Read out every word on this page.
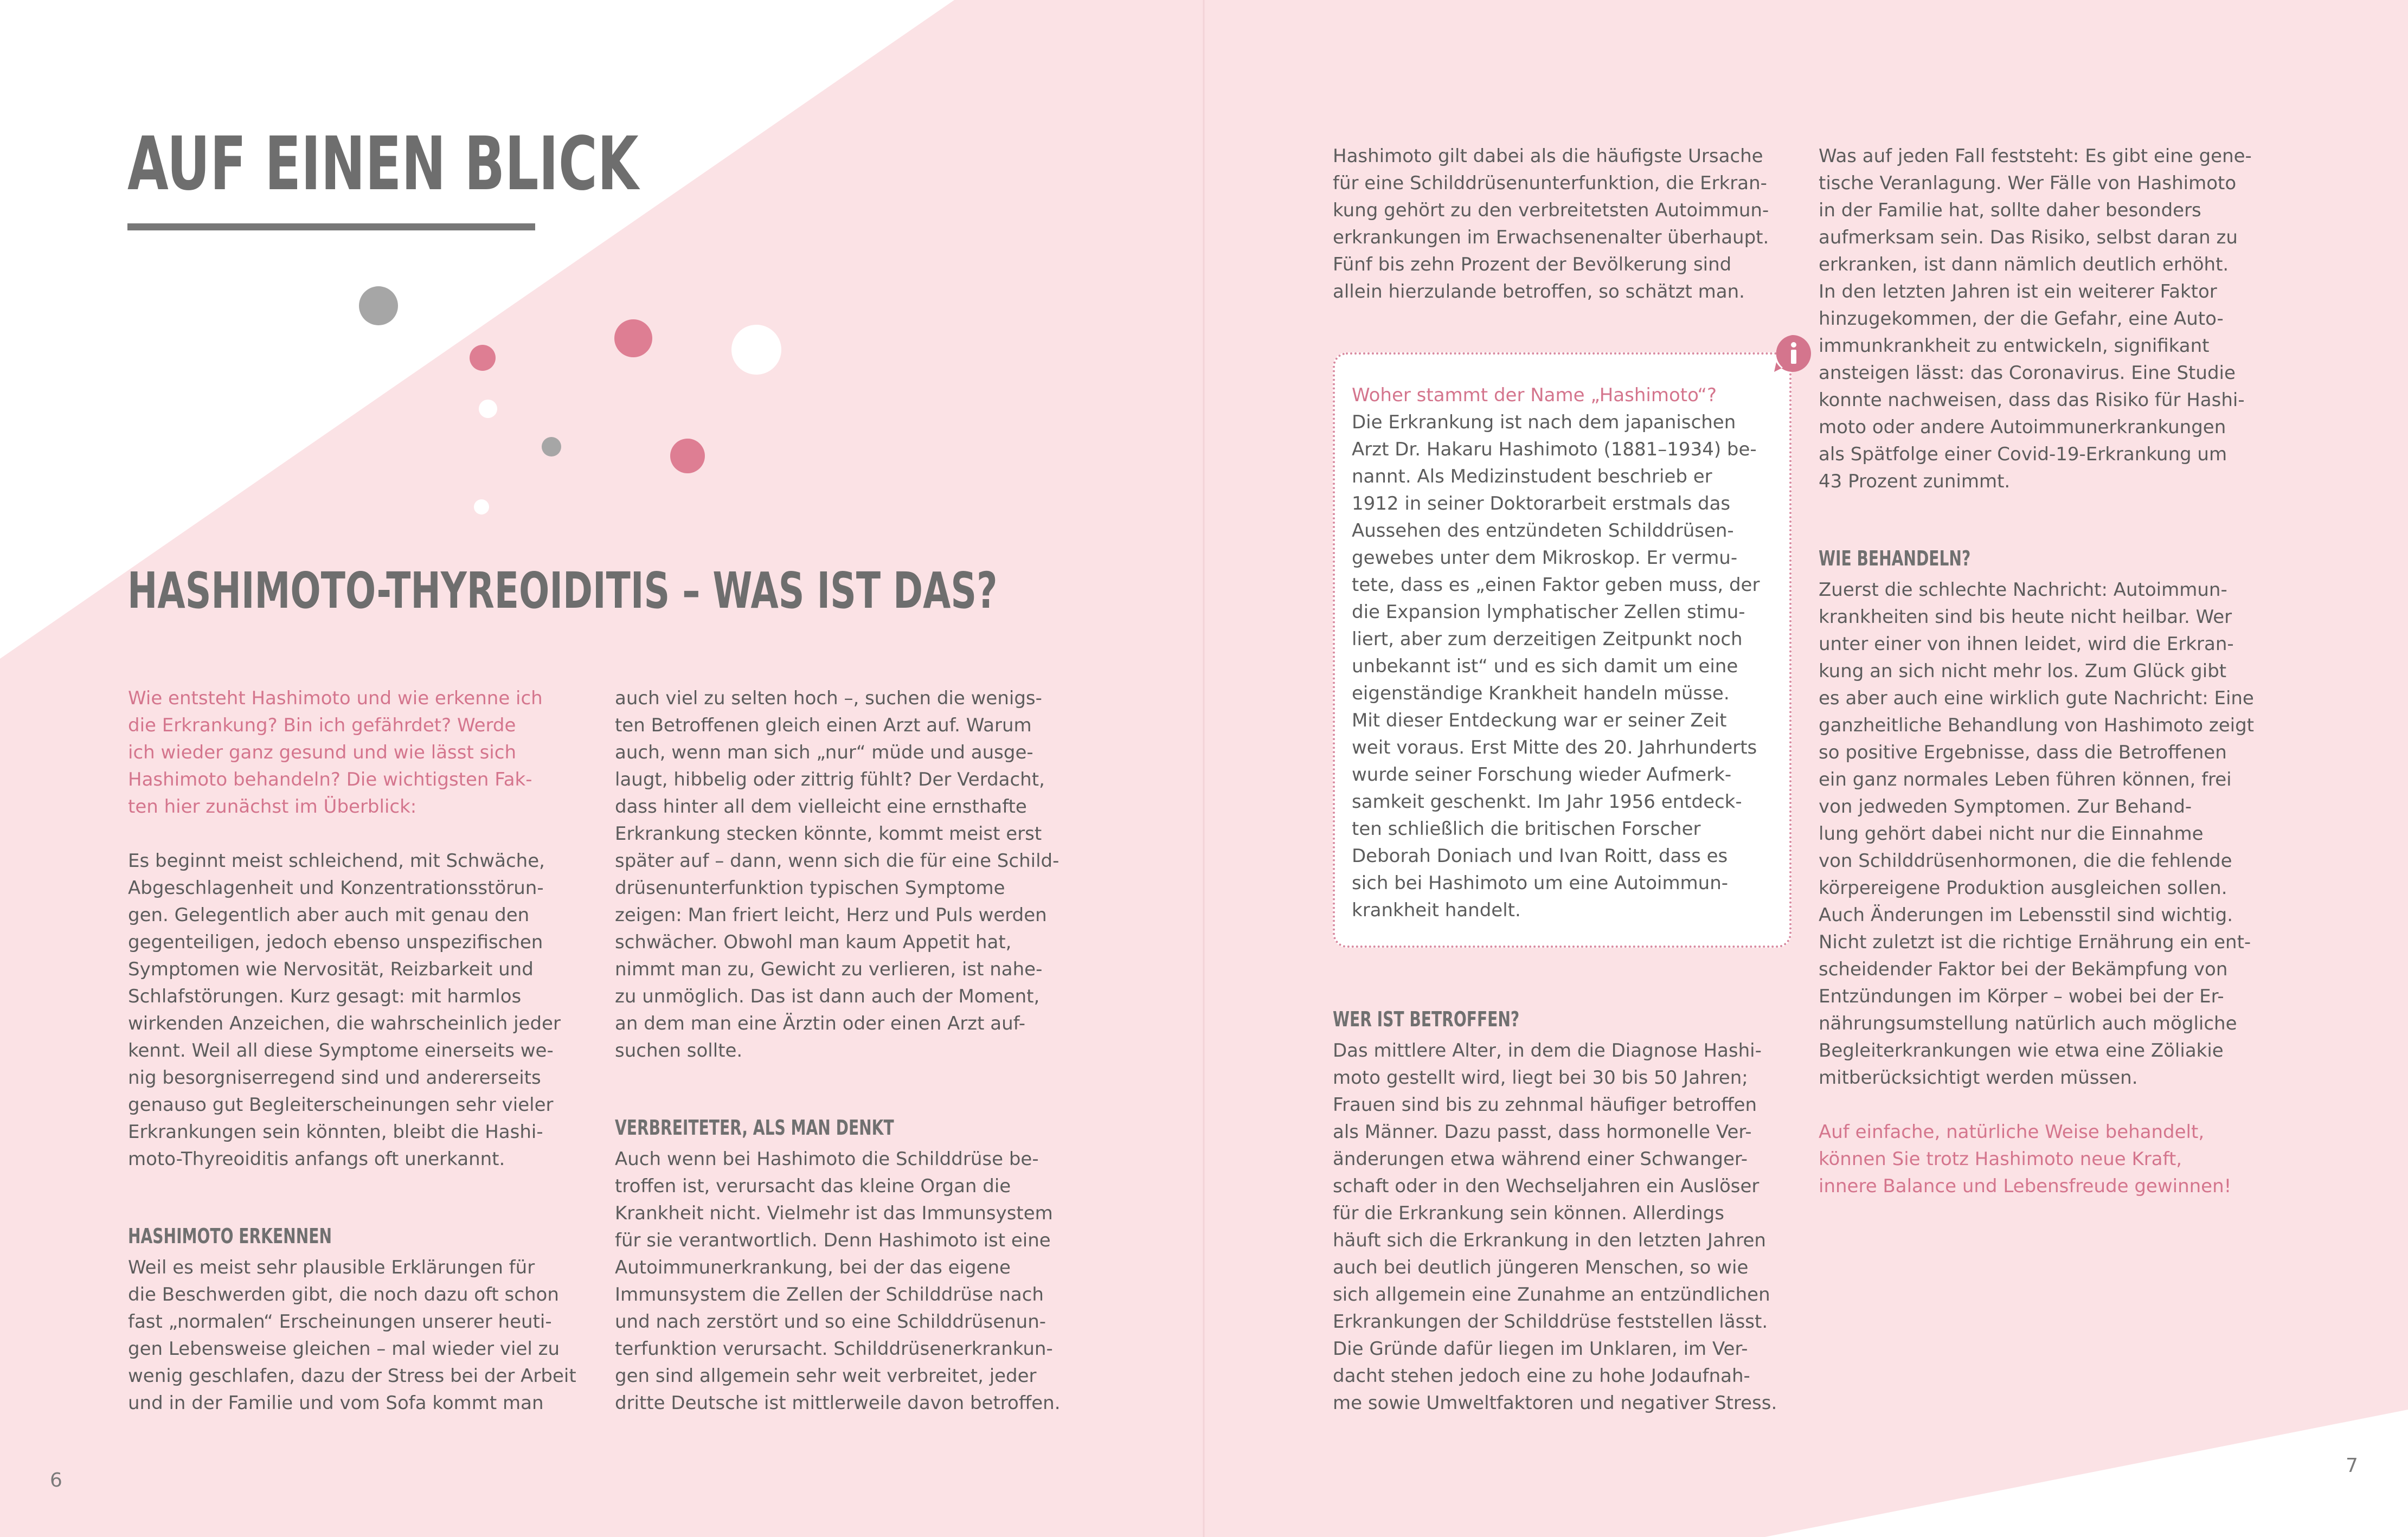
AUF EINEN BLICK
HASHIMOTO-THYREOIDITIS – WAS IST DAS?
Wie entsteht Hashimoto und wie erkenne ich
die Erkrankung? Bin ich gefährdet? Werde
ich wieder ganz gesund und wie lässt sich
Hashimoto behandeln? Die wichtigsten Fak-
ten hier zunächst im Überblick:
Es beginnt meist schleichend, mit Schwäche,
Abgeschlagenheit und Konzentrationsstörun-
gen. Gelegentlich aber auch mit genau den
gegenteiligen, jedoch ebenso unspezifischen
Symptomen wie Nervosität, Reizbarkeit und
Schlafstörungen. Kurz gesagt: mit harmlos
wirkenden Anzeichen, die wahrscheinlich jeder
kennt. Weil all diese Symptome einerseits we-
nig besorgniserregend sind und andererseits
genauso gut Begleiterscheinungen sehr vieler
Erkrankungen sein könnten, bleibt die Hashi-
moto-Thyreoiditis anfangs oft unerkannt.
HASHIMOTO ERKENNEN
Weil es meist sehr plausible Erklärungen für
die Beschwerden gibt, die noch dazu oft schon
fast „normalen“ Erscheinungen unserer heuti-
gen Lebensweise gleichen – mal wieder viel zu
wenig geschlafen, dazu der Stress bei der Arbeit
und in der Familie und vom Sofa kommt man
auch viel zu selten hoch –, suchen die wenigs-
ten Betroffenen gleich einen Arzt auf. Warum
auch, wenn man sich „nur“ müde und ausge-
laugt, hibbelig oder zittrig fühlt? Der Verdacht,
dass hinter all dem vielleicht eine ernsthafte
Erkrankung stecken könnte, kommt meist erst
später auf – dann, wenn sich die für eine Schild-
drüsenunterfunktion typischen Symptome
zeigen: Man friert leicht, Herz und Puls werden
schwächer. Obwohl man kaum Appetit hat,
nimmt man zu, Gewicht zu verlieren, ist nahe-
zu unmöglich. Das ist dann auch der Moment,
an dem man eine Ärztin oder einen Arzt auf-
suchen sollte.
VERBREITETER, ALS MAN DENKT
Auch wenn bei Hashimoto die Schilddrüse be-
troffen ist, verursacht das kleine Organ die
Krankheit nicht. Vielmehr ist das Immunsystem
für sie verantwortlich. Denn Hashimoto ist eine
Autoimmunerkrankung, bei der das eigene
Immunsystem die Zellen der Schilddrüse nach
und nach zerstört und so eine Schilddrüsenun-
terfunktion verursacht. Schilddrüsenerkrankun-
gen sind allgemein sehr weit verbreitet, jeder
dritte Deutsche ist mittlerweile davon betroffen.
6
Hashimoto gilt dabei als die häufigste Ursache
für eine Schilddrüsenunterfunktion, die Erkran-
kung gehört zu den verbreitetsten Autoimmun-
erkrankungen im Erwachsenenalter überhaupt.
Fünf bis zehn Prozent der Bevölkerung sind
allein hierzulande betroffen, so schätzt man.
Woher stammt der Name „Hashimoto“?
Die Erkrankung ist nach dem japanischen
Arzt Dr. Hakaru Hashimoto (1881–1934) be-
nannt. Als Medizinstudent beschrieb er
1912 in seiner Doktorarbeit erstmals das
Aussehen des entzündeten Schilddrüsen-
gewebes unter dem Mikroskop. Er vermu-
tete, dass es „einen Faktor geben muss, der
die Expansion lymphatischer Zellen stimu-
liert, aber zum derzeitigen Zeitpunkt noch
unbekannt ist“ und es sich damit um eine
eigenständige Krankheit handeln müsse.
Mit dieser Entdeckung war er seiner Zeit
weit voraus. Erst Mitte des 20. Jahrhunderts
wurde seiner Forschung wieder Aufmerk-
samkeit geschenkt. Im Jahr 1956 entdeck-
ten schließlich die britischen Forscher
Deborah Doniach und Ivan Roitt, dass es
sich bei Hashimoto um eine Autoimmun-
krankheit handelt.
WER IST BETROFFEN?
Das mittlere Alter, in dem die Diagnose Hashi-
moto gestellt wird, liegt bei 30 bis 50 Jahren;
Frauen sind bis zu zehnmal häufiger betroffen
als Männer. Dazu passt, dass hormonelle Ver-
änderungen etwa während einer Schwanger-
schaft oder in den Wechseljahren ein Auslöser
für die Erkrankung sein können. Allerdings
häuft sich die Erkrankung in den letzten Jahren
auch bei deutlich jüngeren Menschen, so wie
sich allgemein eine Zunahme an entzündlichen
Erkrankungen der Schilddrüse feststellen lässt.
Die Gründe dafür liegen im Unklaren, im Ver-
dacht stehen jedoch eine zu hohe Jodaufnah-
me sowie Umweltfaktoren und negativer Stress.
Was auf jeden Fall feststeht: Es gibt eine gene-
tische Veranlagung. Wer Fälle von Hashimoto
in der Familie hat, sollte daher besonders
aufmerksam sein. Das Risiko, selbst daran zu
erkranken, ist dann nämlich deutlich erhöht.
In den letzten Jahren ist ein weiterer Faktor
hinzugekommen, der die Gefahr, eine Auto-
immunkrankheit zu entwickeln, signifikant
ansteigen lässt: das Coronavirus. Eine Studie
konnte nachweisen, dass das Risiko für Hashi-
moto oder andere Autoimmunerkrankungen
als Spätfolge einer Covid-19-Erkrankung um
43 Prozent zunimmt.
WIE BEHANDELN?
Zuerst die schlechte Nachricht: Autoimmun-
krankheiten sind bis heute nicht heilbar. Wer
unter einer von ihnen leidet, wird die Erkran-
kung an sich nicht mehr los. Zum Glück gibt
es aber auch eine wirklich gute Nachricht: Eine
ganzheitliche Behandlung von Hashimoto zeigt
so positive Ergebnisse, dass die Betroffenen
ein ganz normales Leben führen können, frei
von jedweden Symptomen. Zur Behand-
lung gehört dabei nicht nur die Einnahme
von Schilddrüsenhormonen, die die fehlende
körpereigene Produktion ausgleichen sollen.
Auch Änderungen im Lebensstil sind wichtig.
Nicht zuletzt ist die richtige Ernährung ein ent-
scheidender Faktor bei der Bekämpfung von
Entzündungen im Körper – wobei bei der Er-
nährungsumstellung natürlich auch mögliche
Begleiterkrankungen wie etwa eine Zöliakie
mitberücksichtigt werden müssen.
Auf einfache, natürliche Weise behandelt,
können Sie trotz Hashimoto neue Kraft,
innere Balance und Lebensfreude gewinnen!
7
